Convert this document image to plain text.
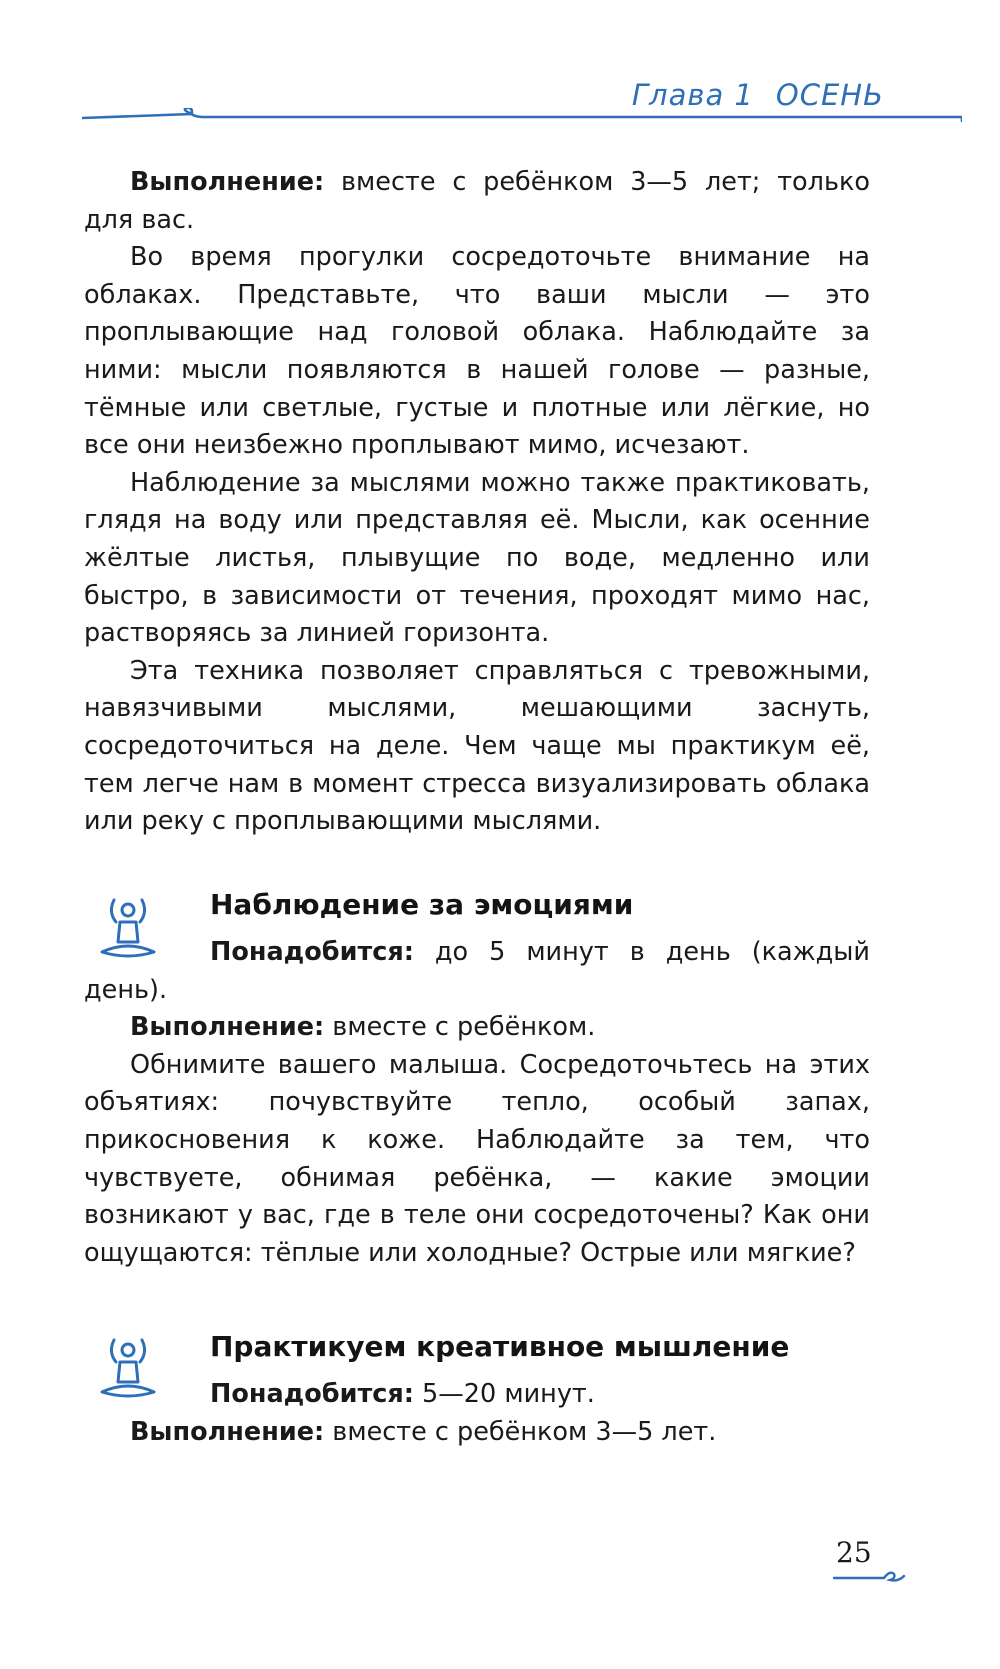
Глава 1 ОСЕНЬ

Выполнение: вместе с ребёнком 3—5 лет; только для вас.

Во время прогулки сосредоточьте внимание на облаках. Представьте, что ваши мысли — это проплывающие над головой облака. Наблюдайте за ними: мысли появляются в нашей голове — разные, тёмные или светлые, густые и плотные или лёгкие, но все они неизбежно проплывают мимо, исчезают.

Наблюдение за мыслями можно также практиковать, глядя на воду или представляя её. Мысли, как осенние жёлтые листья, плывущие по воде, медленно или быстро, в зависимости от течения, проходят мимо нас, растворяясь за линией горизонта.

Эта техника позволяет справляться с тревожными, навязчивыми мыслями, мешающими заснуть, сосредоточиться на деле. Чем чаще мы практикум её, тем легче нам в момент стресса визуализировать облака или реку с проплывающими мыслями.

Наблюдение за эмоциями

Понадобится: до 5 минут в день (каждый день).

Выполнение: вместе с ребёнком.

Обнимите вашего малыша. Сосредоточьтесь на этих объятиях: почувствуйте тепло, особый запах, прикосновения к коже. Наблюдайте за тем, что чувствуете, обнимая ребёнка, — какие эмоции возникают у вас, где в теле они сосредоточены? Как они ощущаются: тёплые или холодные? Острые или мягкие?

Практикуем креативное мышление

Понадобится: 5—20 минут.

Выполнение: вместе с ребёнком 3—5 лет.

25
